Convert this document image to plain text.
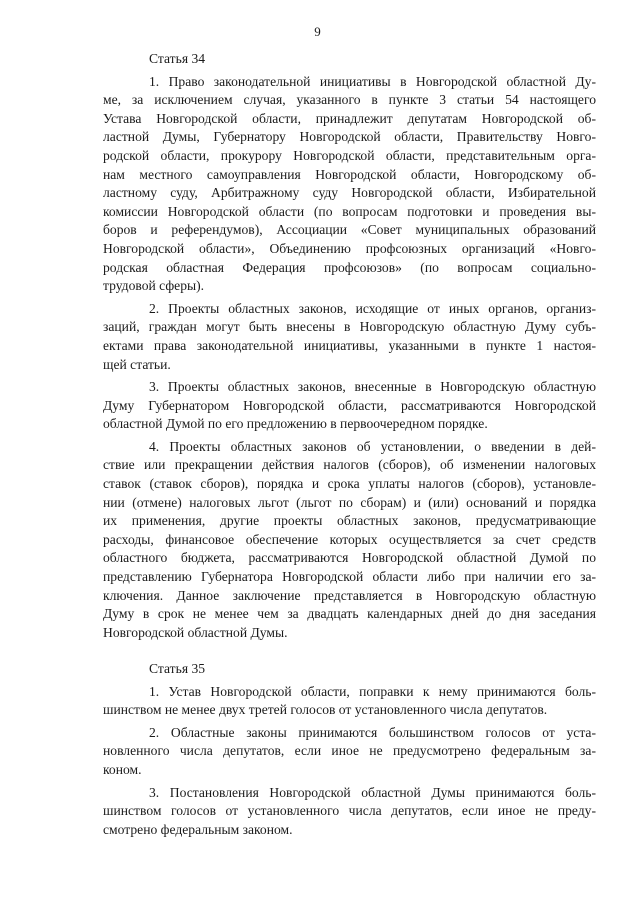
9
Статья 34
1. Право законодательной инициативы в Новгородской областной Ду-
ме, за исключением случая, указанного в пункте 3 статьи 54 настоящего
Устава Новгородской области, принадлежит депутатам Новгородской об-
ластной Думы, Губернатору Новгородской области, Правительству Новго-
родской области, прокурору Новгородской области, представительным орга-
нам местного самоуправления Новгородской области, Новгородскому об-
ластному суду, Арбитражному суду Новгородской области, Избирательной
комиссии Новгородской области (по вопросам подготовки и проведения вы-
боров и референдумов), Ассоциации «Совет муниципальных образований
Новгородской области», Объединению профсоюзных организаций «Новго-
родская областная Федерация профсоюзов» (по вопросам социально-
трудовой сферы).
2. Проекты областных законов, исходящие от иных органов, организ-
заций, граждан могут быть внесены в Новгородскую областную Думу субъ-
ектами права законодательной инициативы, указанными в пункте 1 настоя-
щей статьи.
3. Проекты областных законов, внесенные в Новгородскую областную
Думу Губернатором Новгородской области, рассматриваются Новгородской
областной Думой по его предложению в первоочередном порядке.
4. Проекты областных законов об установлении, о введении в дей-
ствие или прекращении действия налогов (сборов), об изменении налоговых
ставок (ставок сборов), порядка и срока уплаты налогов (сборов), установле-
нии (отмене) налоговых льгот (льгот по сборам) и (или) оснований и порядка
их применения, другие проекты областных законов, предусматривающие
расходы, финансовое обеспечение которых осуществляется за счет средств
областного бюджета, рассматриваются Новгородской областной Думой по
представлению Губернатора Новгородской области либо при наличии его за-
ключения. Данное заключение представляется в Новгородскую областную
Думу в срок не менее чем за двадцать календарных дней до дня заседания
Новгородской областной Думы.
Статья 35
1. Устав Новгородской области, поправки к нему принимаются боль-
шинством не менее двух третей голосов от установленного числа депутатов.
2. Областные законы принимаются большинством голосов от уста-
новленного числа депутатов, если иное не предусмотрено федеральным за-
коном.
3. Постановления Новгородской областной Думы принимаются боль-
шинством голосов от установленного числа депутатов, если иное не преду-
смотрено федеральным законом.
